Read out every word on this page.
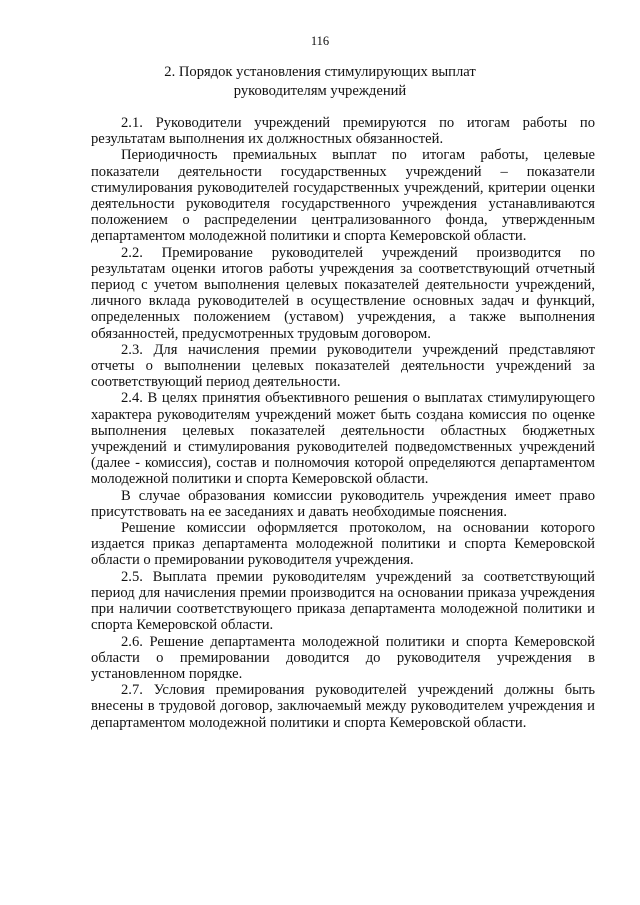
116
2. Порядок установления стимулирующих выплат
руководителям учреждений

2.1. Руководители учреждений премируются по итогам работы по результатам выполнения их должностных обязанностей.

Периодичность премиальных выплат по итогам работы, целевые показатели деятельности государственных учреждений – показатели стимулирования руководителей государственных учреждений, критерии оценки деятельности руководителя государственного учреждения устанавливаются положением о распределении централизованного фонда, утвержденным департаментом молодежной политики и спорта Кемеровской области.

2.2. Премирование руководителей учреждений производится по результатам оценки итогов работы учреждения за соответствующий отчетный период с учетом выполнения целевых показателей деятельности учреждений, личного вклада руководителей в осуществление основных задач и функций, определенных положением (уставом) учреждения, а также выполнения обязанностей, предусмотренных трудовым договором.

2.3. Для начисления премии руководители учреждений представляют отчеты о выполнении целевых показателей деятельности учреждений за соответствующий период деятельности.

2.4. В целях принятия объективного решения о выплатах стимулирующего характера руководителям учреждений может быть создана комиссия по оценке выполнения целевых показателей деятельности областных бюджетных учреждений и стимулирования руководителей подведомственных учреждений (далее - комиссия), состав и полномочия которой определяются департаментом молодежной политики и спорта Кемеровской области.

В случае образования комиссии руководитель учреждения имеет право присутствовать на ее заседаниях и давать необходимые пояснения.

Решение комиссии оформляется протоколом, на основании которого издается приказ департамента молодежной политики и спорта Кемеровской области о премировании руководителя учреждения.

2.5. Выплата премии руководителям учреждений за соответствующий период для начисления премии производится на основании приказа учреждения при наличии соответствующего приказа департамента молодежной политики и спорта Кемеровской области.

2.6. Решение департамента молодежной политики и спорта Кемеровской области о премировании доводится до руководителя учреждения в установленном порядке.

2.7. Условия премирования руководителей учреждений должны быть внесены в трудовой договор, заключаемый между руководителем учреждения и департаментом молодежной политики и спорта Кемеровской области.
